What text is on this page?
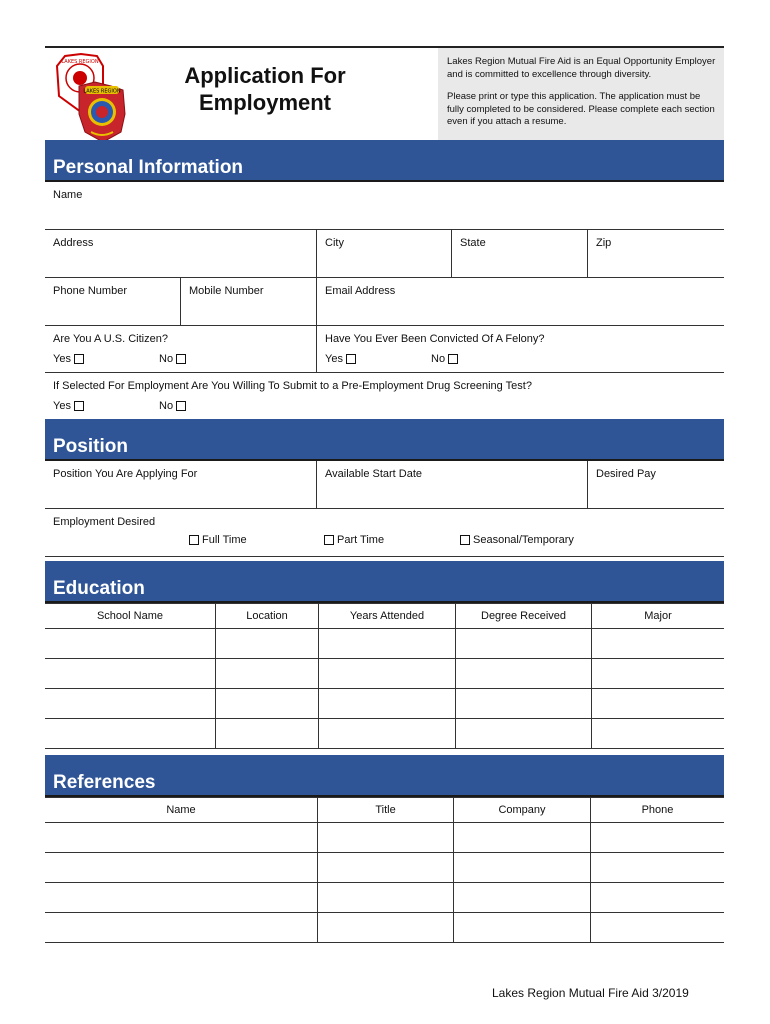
LAKES REGION
LAKES REGION
Application For
Employment

Lakes Region Mutual Fire Aid is an Equal Opportunity Employer and is committed to excellence through diversity.

Please print or type this application. The application must be fully completed to be considered. Please complete each section even if you attach a resume.

Personal Information
Name
Address	City	State	Zip
Phone Number	Mobile Number	Email Address
Are You A U.S. Citizen?
Yes	No
Have You Ever Been Convicted Of A Felony?
Yes	No
If Selected For Employment Are You Willing To Submit to a Pre-Employment Drug Screening Test?
Yes	No
Position
Position You Are Applying For	Available Start Date	Desired Pay
Employment Desired
Full Time	Part Time	Seasonal/Temporary
Education
School Name	Location	Years Attended	Degree Received	Major

References
Name	Title	Company	Phone

Lakes Region Mutual Fire Aid 3/2019
